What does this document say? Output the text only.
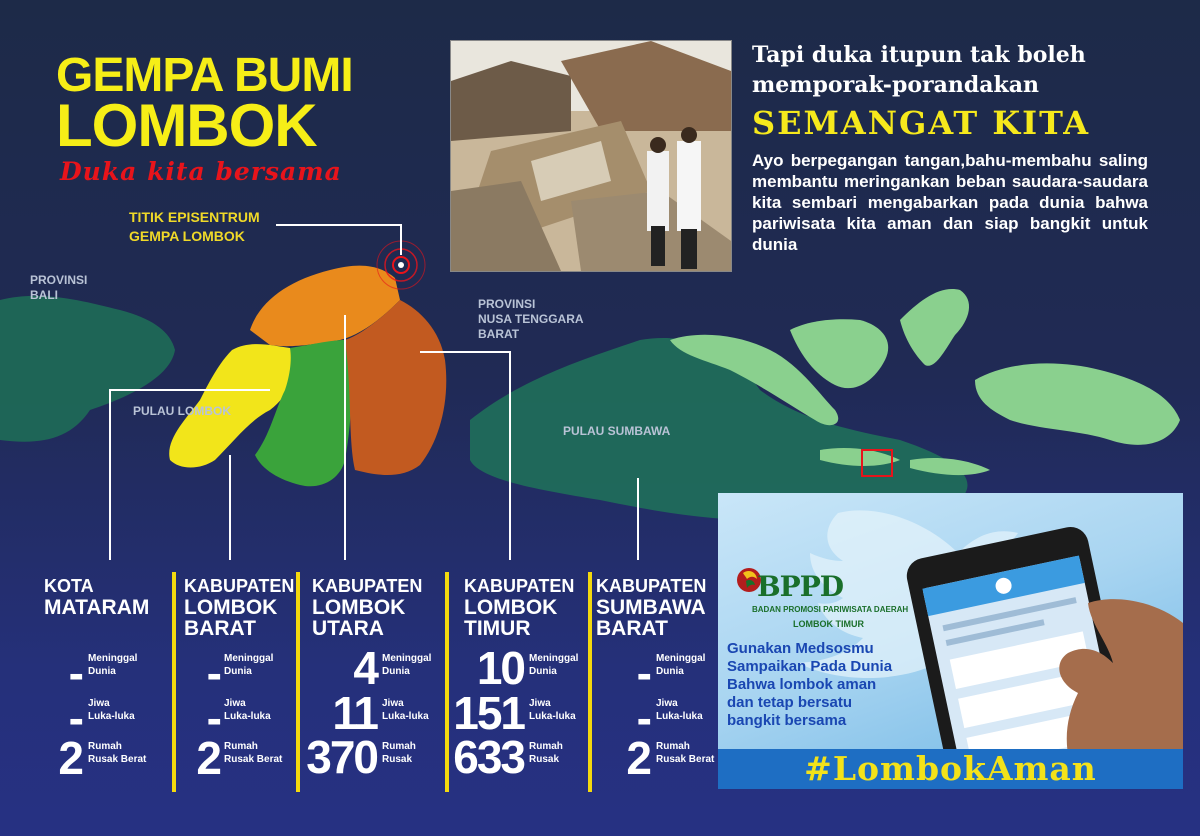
GEMPA BUMI
LOMBOK
Duka kita bersama
TITIK EPISENTRUM
GEMPA LOMBOK
PROVINSI
BALI
PROVINSI
NUSA TENGGARA
BARAT
PULAU LOMBOK
PULAU SUMBAWA
Tapi duka itupun tak boleh
memporak-porandakan
SEMANGAT KITA
Ayo berpegangan tangan,bahu-membahu saling membantu meringankan beban saudara-saudara kita sembari mengabarkan pada dunia bahwa pariwisata kita aman dan siap bangkit untuk dunia
KOTA
MATARAM
KABUPATEN
LOMBOK
BARAT
KABUPATEN
LOMBOK
UTARA
KABUPATEN
LOMBOK
TIMUR
KABUPATEN
SUMBAWA
BARAT
- Meninggal
Dunia
- Jiwa
Luka-luka
2 Rumah
Rusak Berat
- Meninggal
Dunia
- Jiwa
Luka-luka
2 Rumah
Rusak Berat
4 Meninggal
Dunia
11 Jiwa
Luka-luka
370 Rumah
Rusak
10 Meninggal
Dunia
151 Jiwa
Luka-luka
633 Rumah
Rusak
- Meninggal
Dunia
- Jiwa
Luka-luka
2 Rumah
Rusak Berat
BPPD
BADAN PROMOSI PARIWISATA DAERAH
LOMBOK TIMUR
Gunakan Medsosmu
Sampaikan Pada Dunia
Bahwa lombok aman
dan tetap bersatu
bangkit bersama
#LombokAman
